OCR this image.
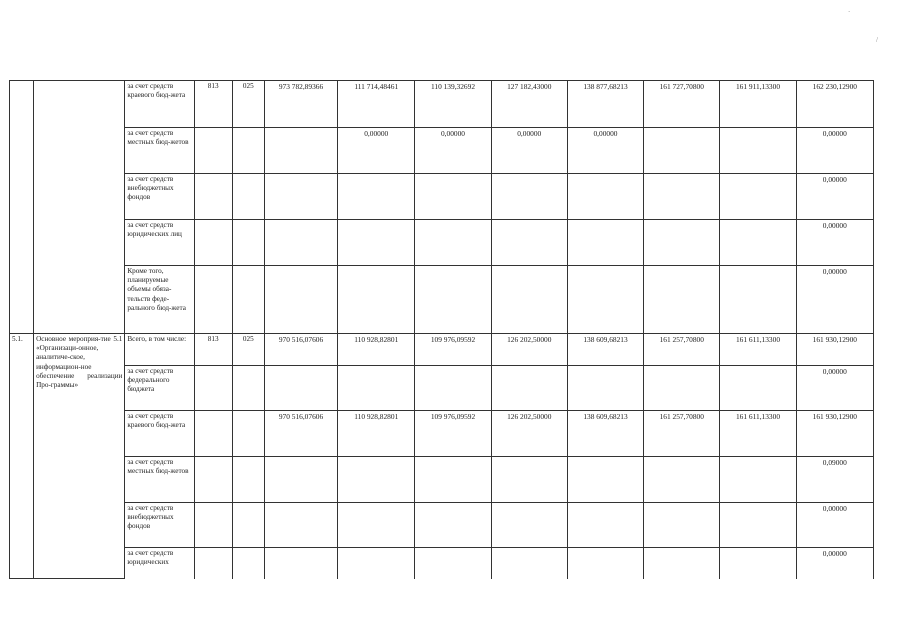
`
/
		за счет средств краевого бюд-жета	813	025	973 782,89366	111 714,48461	110 139,32692	127 182,43000	138 877,68213	161 727,70800	161 911,13300	162 230,12900
		за счет средств местных бюд-жетов				0,00000	0,00000	0,00000	0,00000			0,00000
		за счет средств внебюджетных фондов										0,00000
		за счет средств юридических лиц										0,00000
		Кроме того, планируемые объемы обяза-тельств феде-рального бюд-жета										0,00000
5.1.	Основное мероприя-тие 5.1 «Организаци-онное, аналитиче-ское, информацион-ное обеспечение реализации Про-граммы»	Всего, в том числе:	813	025	970 516,07606	110 928,82801	109 976,09592	126 202,50000	138 609,68213	161 257,70800	161 611,13300	161 930,12900
		за счет средств федерального бюджета										0,00000
		за счет средств краевого бюд-жета			970 516,07606	110 928,82801	109 976,09592	126 202,50000	138 609,68213	161 257,70800	161 611,13300	161 930,12900
		за счет средств местных бюд-жетов										0,09000
		за счет средств внебюджетных фондов										0,00000
		за счет средств юридических										0,00000
